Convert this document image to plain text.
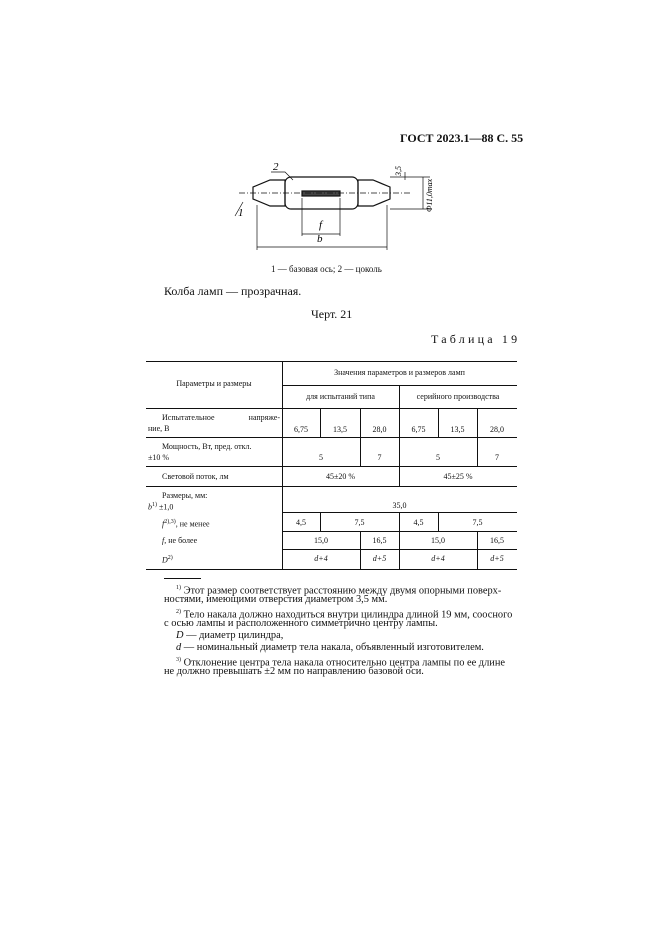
ГОСТ 2023.1—88 С. 55
2
1
f
b
3,5
Ф11,0max
1 — базовая ось; 2 — цоколь
Колба ламп — прозрачная.
Черт. 21
Таблица 19
Параметры и размеры
Значения параметров и размеров ламп
для испытаний типа	серийного производства
Испытательное напряже-
ние, В	6,75	13,5	28,0	6,75	13,5	28,0
Мощность, Вт, пред. откл.
±10 %	5	7	5	7
Световой поток, лм	45±20 %	45±25 %
Размеры, мм:
$b^{1)} \pm 1,0$	35,0
$f^{2),3)}$, не менее	4,5	7,5	4,5	7,5
f, не более	15,0	16,5	15,0	16,5
$D^{2)}$	d+4	d+5	d+4	d+5
$^{1)}$ Этот размер соответствует расстоянию между двумя опорными поверх-
ностями, имеющими отверстия диаметром 3,5 мм.
$^{2)}$ Тело накала должно находиться внутри цилиндра длиной 19 мм, соосного
с осью лампы и расположенного симметрично центру лампы.
D — диаметр цилиндра,
d — номинальный диаметр тела накала, объявленный изготовителем.
$^{3)}$ Отклонение центра тела накала относительно центра лампы по ее длине
не должно превышать ±2 мм по направлению базовой оси.
